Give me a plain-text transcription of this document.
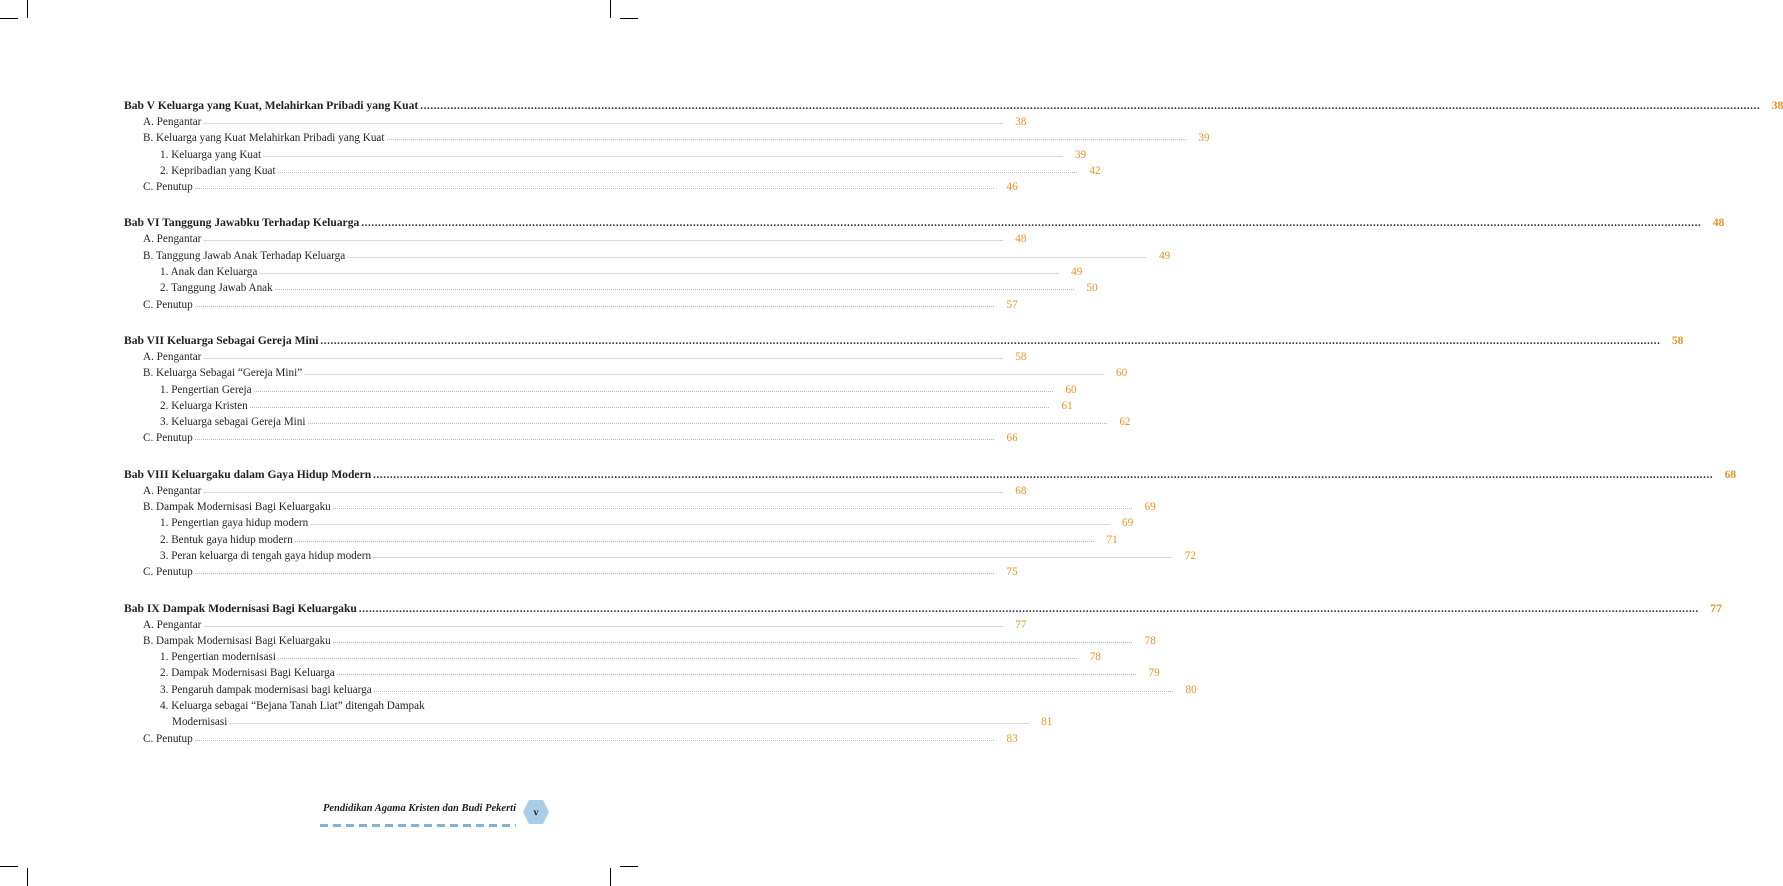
Bab V Keluarga yang Kuat, Melahirkan Pribadi yang Kuat ................................................................................................................................................................................................................................................................................................................................................................................................................ 38
A. Pengantar ................................................................................................................................................................................................................................................................................................................................................................................................................	38
B. Keluarga yang Kuat Melahirkan Pribadi yang Kuat ................................................................................................................................................................................................................................................................................................................................................................................................................	39
1. Keluarga yang Kuat ................................................................................................................................................................................................................................................................................................................................................................................................................	39
2. Kepribadian yang Kuat ................................................................................................................................................................................................................................................................................................................................................................................................................	42
C. Penutup ................................................................................................................................................................................................................................................................................................................................................................................................................	46
Bab VI Tanggung Jawabku Terhadap Keluarga ................................................................................................................................................................................................................................................................................................................................................................................................................ 48
A. Pengantar ................................................................................................................................................................................................................................................................................................................................................................................................................	48
B. Tanggung Jawab Anak Terhadap Keluarga ................................................................................................................................................................................................................................................................................................................................................................................................................	49
1. Anak dan Keluarga ................................................................................................................................................................................................................................................................................................................................................................................................................	49
2. Tanggung Jawab Anak ................................................................................................................................................................................................................................................................................................................................................................................................................	50
C. Penutup ................................................................................................................................................................................................................................................................................................................................................................................................................	57
Bab VII Keluarga Sebagai Gereja Mini ................................................................................................................................................................................................................................................................................................................................................................................................................ 58
A. Pengantar ................................................................................................................................................................................................................................................................................................................................................................................................................	58
B. Keluarga Sebagai “Gereja Mini” ................................................................................................................................................................................................................................................................................................................................................................................................................	60
1. Pengertian Gereja ................................................................................................................................................................................................................................................................................................................................................................................................................	60
2. Keluarga Kristen ................................................................................................................................................................................................................................................................................................................................................................................................................	61
3. Keluarga sebagai Gereja Mini ................................................................................................................................................................................................................................................................................................................................................................................................................	62
C. Penutup ................................................................................................................................................................................................................................................................................................................................................................................................................	66
Bab VIII Keluargaku dalam Gaya Hidup Modern ................................................................................................................................................................................................................................................................................................................................................................................................................ 68
A. Pengantar ................................................................................................................................................................................................................................................................................................................................................................................................................	68
B. Dampak Modernisasi Bagi Keluargaku ................................................................................................................................................................................................................................................................................................................................................................................................................	69
1. Pengertian gaya hidup modern ................................................................................................................................................................................................................................................................................................................................................................................................................	69
2. Bentuk gaya hidup modern ................................................................................................................................................................................................................................................................................................................................................................................................................	71
3. Peran keluarga di tengah gaya hidup modern ................................................................................................................................................................................................................................................................................................................................................................................................................	72
C. Penutup ................................................................................................................................................................................................................................................................................................................................................................................................................	75
Bab IX Dampak Modernisasi Bagi Keluargaku ................................................................................................................................................................................................................................................................................................................................................................................................................ 77
A. Pengantar ................................................................................................................................................................................................................................................................................................................................................................................................................	77
B. Dampak Modernisasi Bagi Keluargaku ................................................................................................................................................................................................................................................................................................................................................................................................................	78
1. Pengertian modernisasi ................................................................................................................................................................................................................................................................................................................................................................................................................	78
2. Dampak Modernisasi Bagi Keluarga ................................................................................................................................................................................................................................................................................................................................................................................................................	79
3. Pengaruh dampak modernisasi bagi keluarga ................................................................................................................................................................................................................................................................................................................................................................................................................	80
4. Keluarga sebagai “Bejana Tanah Liat” ditengah Dampak
Modernisasi ................................................................................................................................................................................................................................................................................................................................................................................................................	81
C. Penutup ................................................................................................................................................................................................................................................................................................................................................................................................................	83
Pendidikan Agama Kristen dan Budi Pekerti v
